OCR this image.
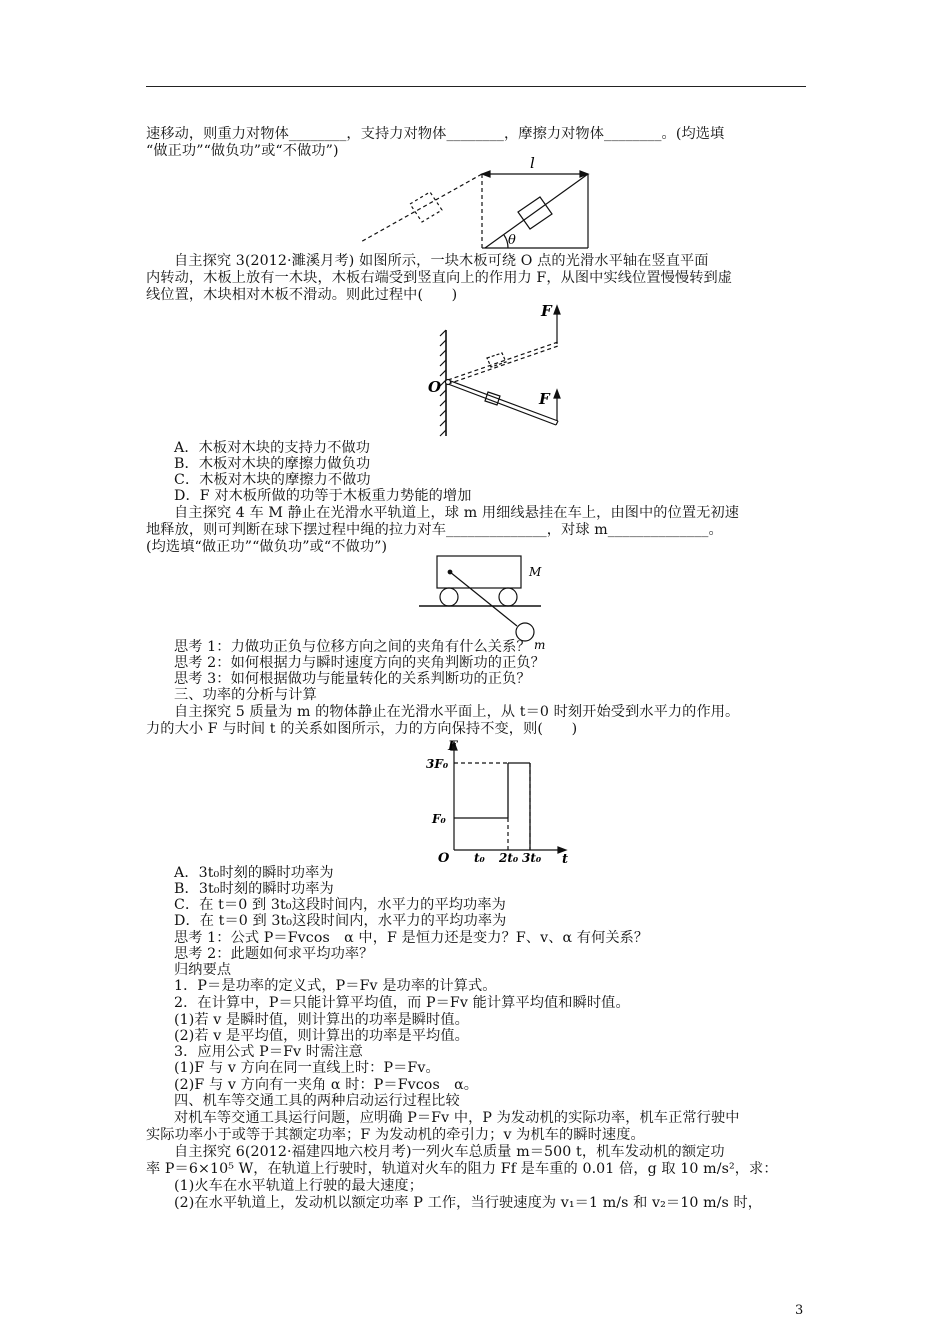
速移动，则重力对物体________，支持力对物体________，摩擦力对物体________。(均选填
“做正功”“做负功”或“不做功”)
l
θ
自主探究 3(2012·濉溪月考) 如图所示，一块木板可绕 O 点的光滑水平轴在竖直平面
内转动，木板上放有一木块，木板右端受到竖直向上的作用力 F，从图中实线位置慢慢转到虚
线位置，木块相对木板不滑动。则此过程中(　　)
F
F
O
A．木板对木块的支持力不做功
B．木板对木块的摩擦力做负功
C．木板对木块的摩擦力不做功
D．F 对木板所做的功等于木板重力势能的增加
自主探究 4 车 M 静止在光滑水平轨道上，球 m 用细线悬挂在车上，由图中的位置无初速
地释放，则可判断在球下摆过程中绳的拉力对车______________，对球 m______________。
(均选填“做正功”“做负功”或“不做功”)
M
m
思考 1：力做功正负与位移方向之间的夹角有什么关系？
思考 2：如何根据力与瞬时速度方向的夹角判断功的正负？
思考 3：如何根据做功与能量转化的关系判断功的正负？
三、功率的分析与计算
自主探究 5 质量为 m 的物体静止在光滑水平面上，从 t＝0 时刻开始受到水平力的作用。
力的大小 F 与时间 t 的关系如图所示，力的方向保持不变，则(　　)
F
t
O
3F₀
F₀
t₀ 2t₀ 3t₀
A．3t₀时刻的瞬时功率为
B．3t₀时刻的瞬时功率为
C．在 t＝0 到 3t₀这段时间内，水平力的平均功率为
D．在 t＝0 到 3t₀这段时间内，水平力的平均功率为
思考 1：公式 P＝Fvcos　α 中，F 是恒力还是变力？F、v、α 有何关系？
思考 2：此题如何求平均功率？
归纳要点
1．P＝是功率的定义式，P＝Fv 是功率的计算式。
2．在计算中，P＝只能计算平均值，而 P＝Fv 能计算平均值和瞬时值。
(1)若 v 是瞬时值，则计算出的功率是瞬时值。
(2)若 v 是平均值，则计算出的功率是平均值。
3．应用公式 P＝Fv 时需注意
(1)F 与 v 方向在同一直线上时：P＝Fv。
(2)F 与 v 方向有一夹角 α 时：P＝Fvcos　α。
四、机车等交通工具的两种启动运行过程比较
对机车等交通工具运行问题，应明确 P＝Fv 中，P 为发动机的实际功率，机车正常行驶中
实际功率小于或等于其额定功率；F 为发动机的牵引力；v 为机车的瞬时速度。
自主探究 6(2012·福建四地六校月考)一列火车总质量 m＝500 t，机车发动机的额定功
率 P＝6×10⁵ W，在轨道上行驶时，轨道对火车的阻力 Ff 是车重的 0.01 倍，g 取 10 m/s²，求：
(1)火车在水平轨道上行驶的最大速度；
(2)在水平轨道上，发动机以额定功率 P 工作，当行驶速度为 v₁＝1 m/s 和 v₂＝10 m/s 时，
3
